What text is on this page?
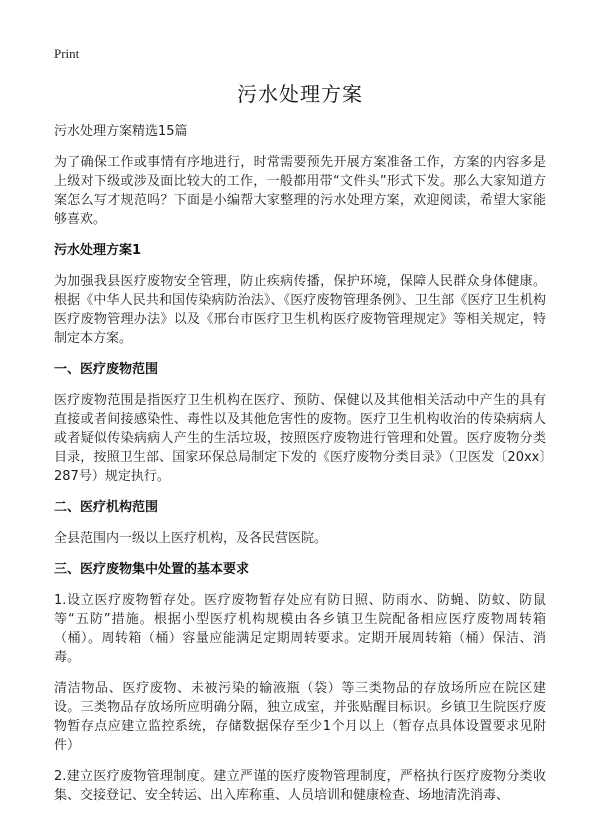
Print
污水处理方案

污水处理方案精选15篇

为了确保工作或事情有序地进行，时常需要预先开展方案准备工作，方案的内容多是上级对下级或涉及面比较大的工作，一般都用带“文件头”形式下发。那么大家知道方案怎么写才规范吗？下面是小编帮大家整理的污水处理方案，欢迎阅读，希望大家能够喜欢。

污水处理方案1

为加强我县医疗废物安全管理，防止疾病传播，保护环境，保障人民群众身体健康。根据《中华人民共和国传染病防治法》、《医疗废物管理条例》、卫生部《医疗卫生机构医疗废物管理办法》以及《邢台市医疗卫生机构医疗废物管理规定》等相关规定，特制定本方案。

一、医疗废物范围

医疗废物范围是指医疗卫生机构在医疗、预防、保健以及其他相关活动中产生的具有直接或者间接感染性、毒性以及其他危害性的废物。医疗卫生机构收治的传染病病人或者疑似传染病病人产生的生活垃圾，按照医疗废物进行管理和处置。医疗废物分类目录，按照卫生部、国家环保总局制定下发的《医疗废物分类目录》（卫医发〔20xx〕287号）规定执行。

二、医疗机构范围

全县范围内一级以上医疗机构，及各民营医院。

三、医疗废物集中处置的基本要求

1.设立医疗废物暂存处。医疗废物暂存处应有防日照、防雨水、防蝇、防蚊、防鼠等“五防”措施。根据小型医疗机构规模由各乡镇卫生院配备相应医疗废物周转箱（桶）。周转箱（桶）容量应能满足定期周转要求。定期开展周转箱（桶）保洁、消毒。

清洁物品、医疗废物、未被污染的输液瓶（袋）等三类物品的存放场所应在院区建设。三类物品存放场所应明确分隔，独立成室，并张贴醒目标识。乡镇卫生院医疗废物暂存点应建立监控系统，存储数据保存至少1个月以上（暂存点具体设置要求见附件）

2.建立医疗废物管理制度。建立严谨的医疗废物管理制度，严格执行医疗废物分类收集、交接登记、安全转运、出入库称重、人员培训和健康检查、场地清洗消毒、
